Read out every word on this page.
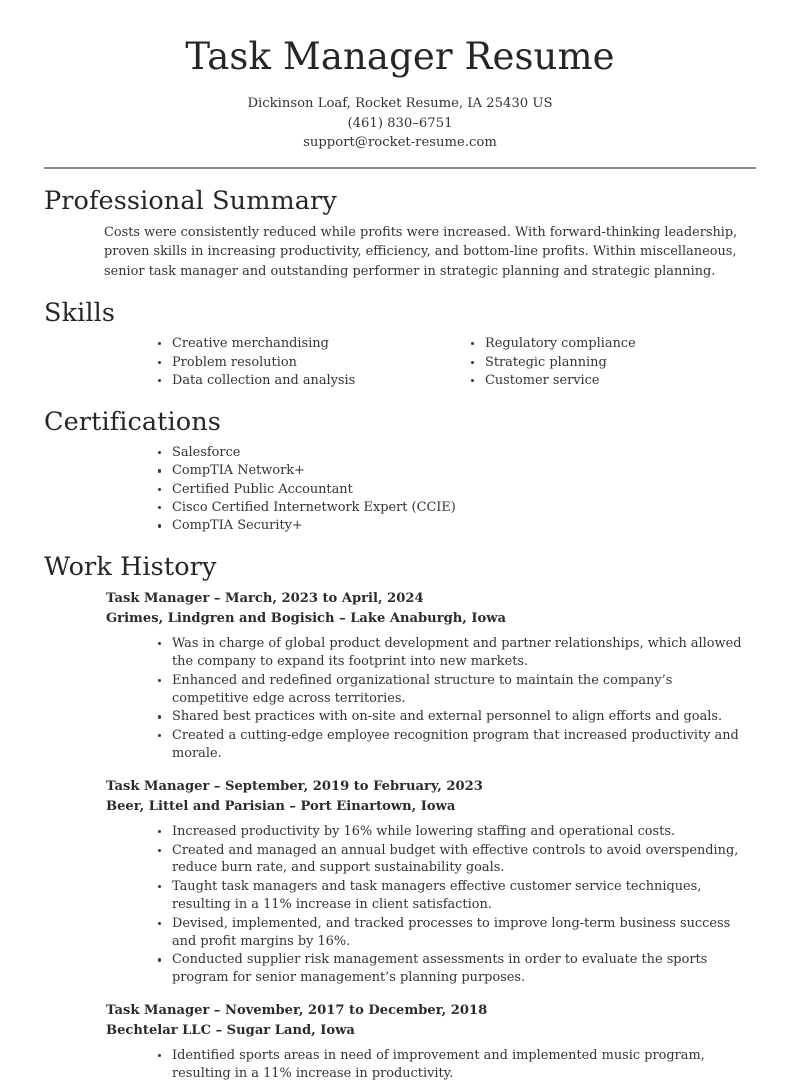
Task Manager Resume
Dickinson Loaf, Rocket Resume, IA 25430 US
(461) 830–6751
support@rocket-resume.com
Professional Summary

Costs were consistently reduced while profits were increased. With forward-thinking leadership, proven skills in increasing productivity, efficiency, and bottom-line profits. Within miscellaneous, senior task manager and outstanding performer in strategic planning and strategic planning.

Skills
Creative merchandising
Problem resolution
Data collection and analysis
Regulatory compliance
Strategic planning
Customer service
Certifications
Salesforce
CompTIA Network+
Certified Public Accountant
Cisco Certified Internetwork Expert (CCIE)
CompTIA Security+
Work History
Task Manager – March, 2023 to April, 2024
Grimes, Lindgren and Bogisich – Lake Anaburgh, Iowa
Was in charge of global product development and partner relationships, which allowed the company to expand its footprint into new markets.
Enhanced and redefined organizational structure to maintain the company’s competitive edge across territories.
Shared best practices with on-site and external personnel to align efforts and goals.
Created a cutting-edge employee recognition program that increased productivity and morale.
Task Manager – September, 2019 to February, 2023
Beer, Littel and Parisian – Port Einartown, Iowa
Increased productivity by 16% while lowering staffing and operational costs.
Created and managed an annual budget with effective controls to avoid overspending, reduce burn rate, and support sustainability goals.
Taught task managers and task managers effective customer service techniques, resulting in a 11% increase in client satisfaction.
Devised, implemented, and tracked processes to improve long-term business success and profit margins by 16%.
Conducted supplier risk management assessments in order to evaluate the sports program for senior management’s planning purposes.
Task Manager – November, 2017 to December, 2018
Bechtelar LLC – Sugar Land, Iowa
Identified sports areas in need of improvement and implemented music program, resulting in a 11% increase in productivity.
